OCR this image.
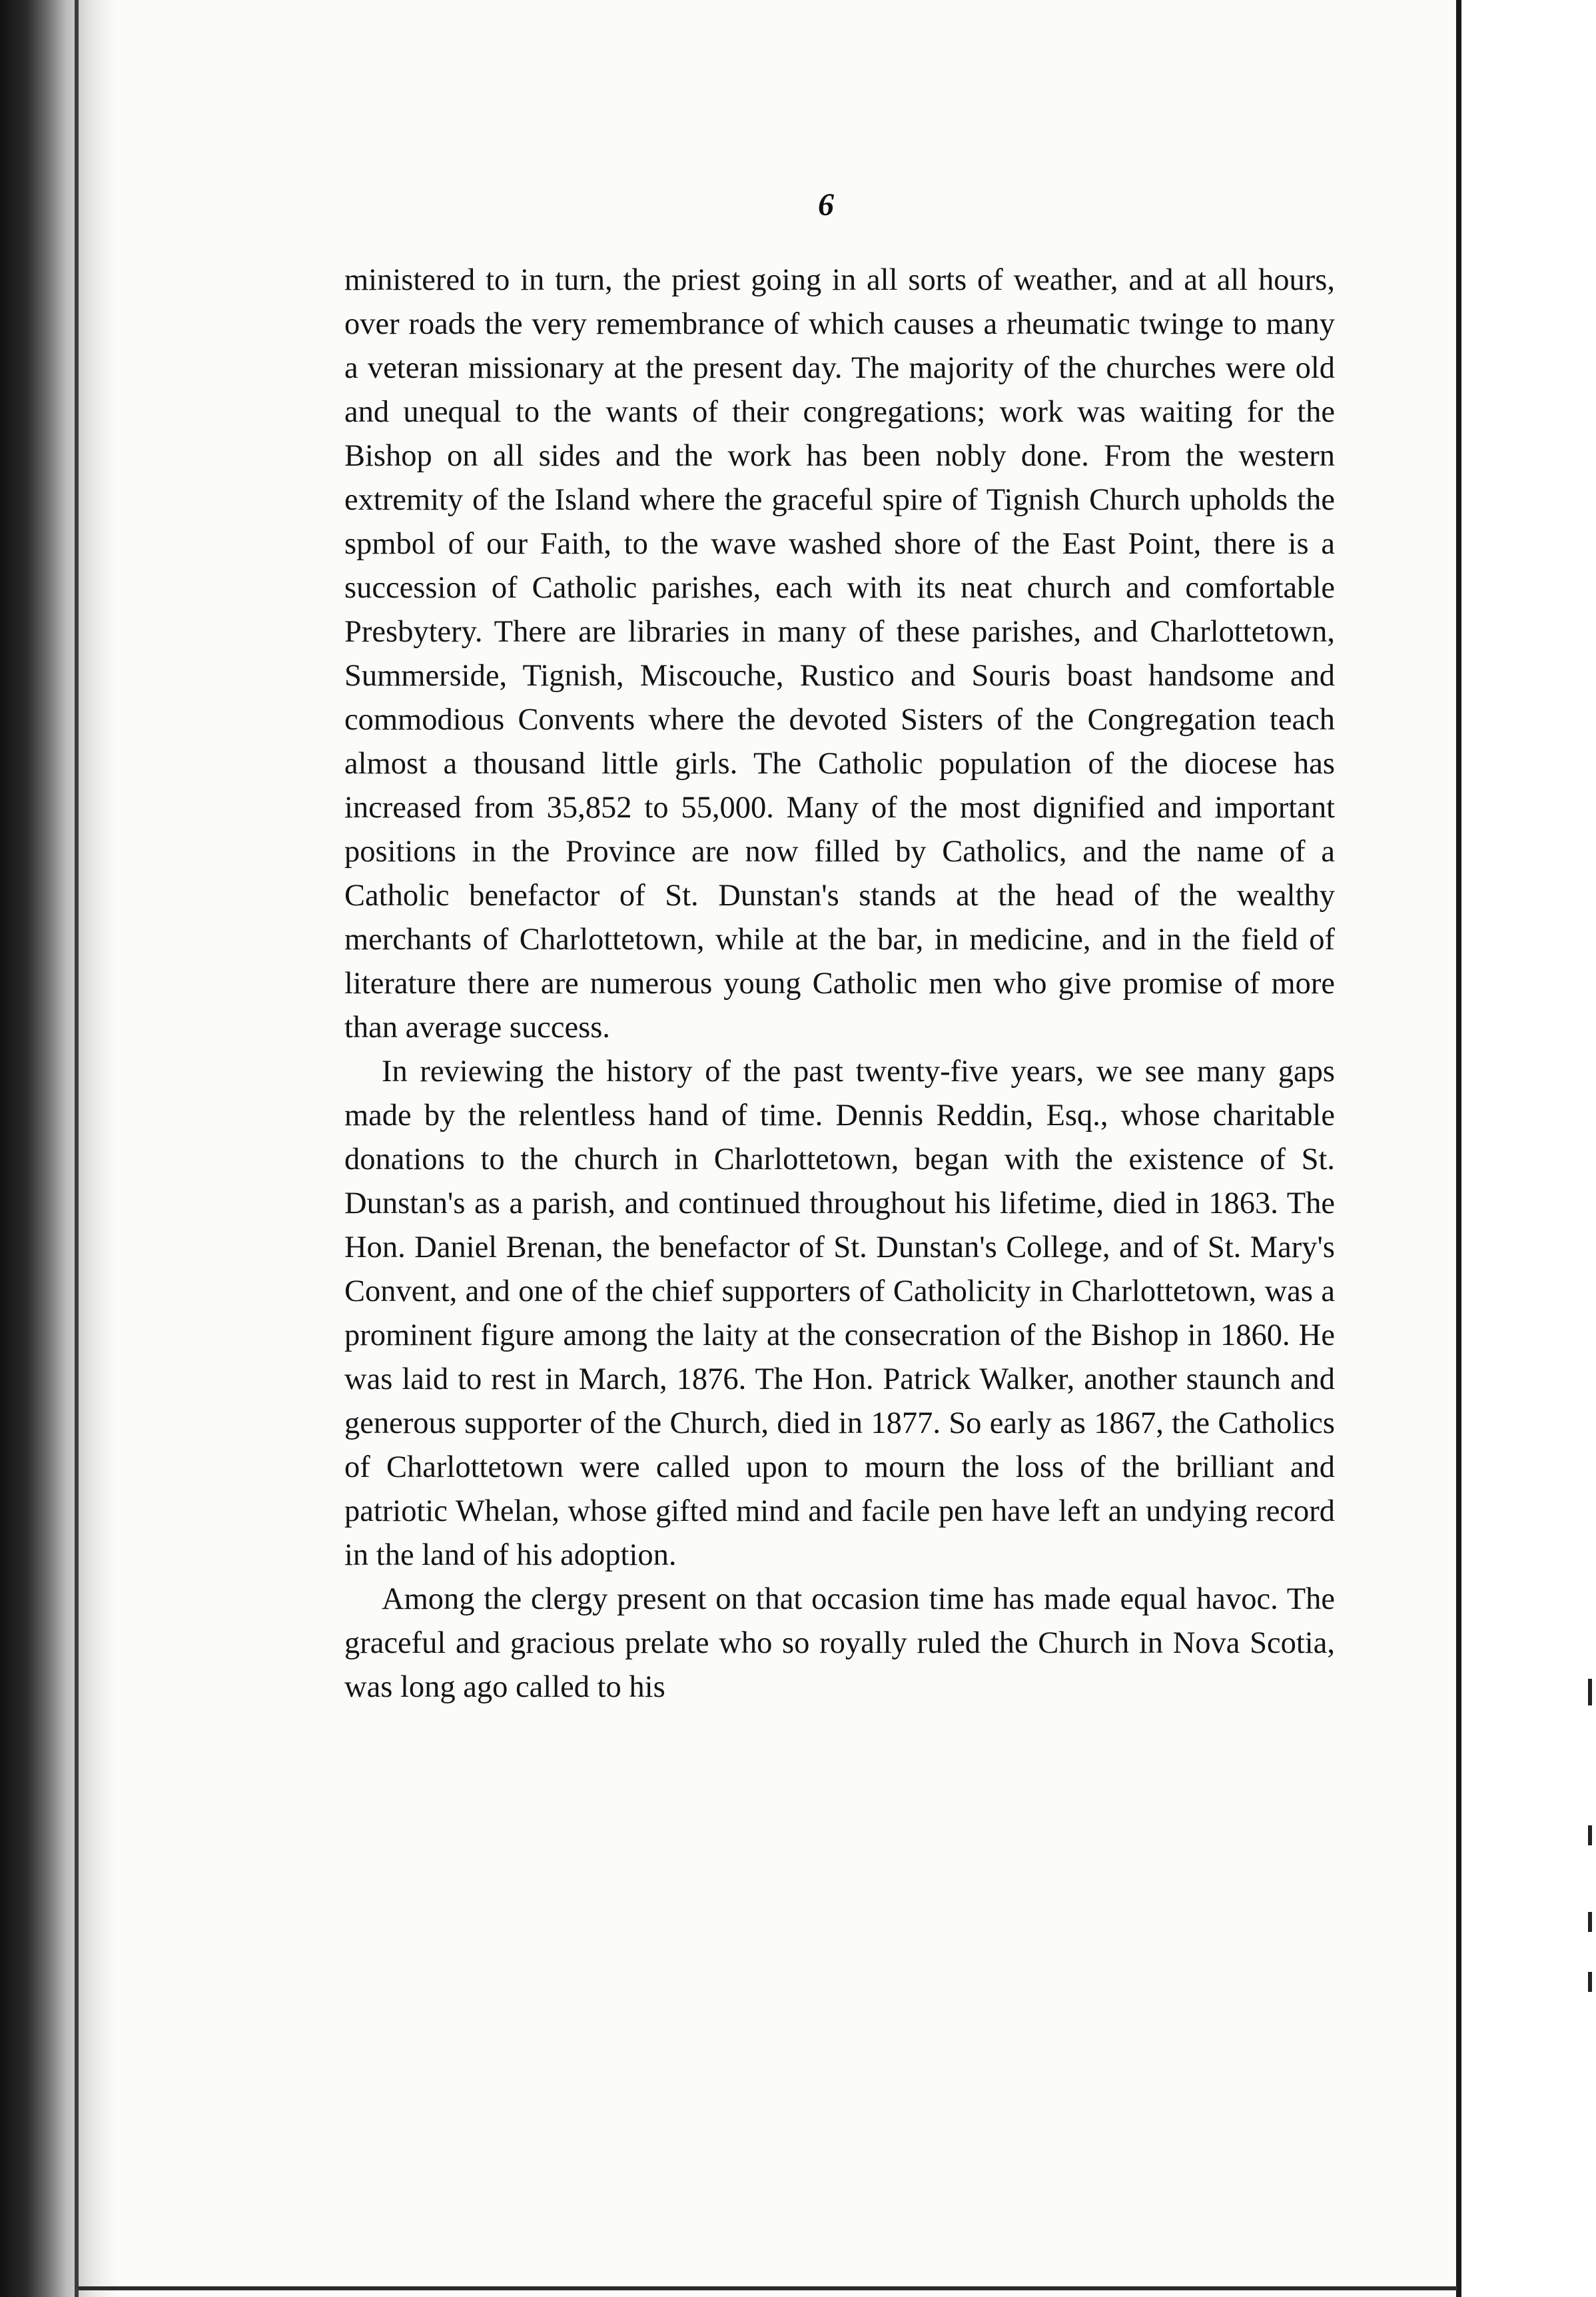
6

ministered to in turn, the priest going in all sorts of weather, and at all hours, over roads the very remembrance of which causes a rheumatic twinge to many a veteran missionary at the present day. The majority of the churches were old and unequal to the wants of their congregations; work was waiting for the Bishop on all sides and the work has been nobly done. From the western extremity of the Island where the graceful spire of Tignish Church upholds the spmbol of our Faith, to the wave washed shore of the East Point, there is a succession of Catholic parishes, each with its neat church and comfortable Presbytery. There are libraries in many of these parishes, and Charlottetown, Summerside, Tignish, Miscouche, Rustico and Souris boast handsome and commodious Convents where the devoted Sisters of the Congregation teach almost a thousand little girls. The Catholic population of the diocese has increased from 35,852 to 55,000. Many of the most dignified and important positions in the Province are now filled by Catholics, and the name of a Catholic benefactor of St. Dunstan's stands at the head of the wealthy merchants of Charlottetown, while at the bar, in medicine, and in the field of literature there are numerous young Catholic men who give promise of more than average success.

In reviewing the history of the past twenty-five years, we see many gaps made by the relentless hand of time. Dennis Reddin, Esq., whose charitable donations to the church in Charlottetown, began with the existence of St. Dunstan's as a parish, and continued throughout his lifetime, died in 1863. The Hon. Daniel Brenan, the benefactor of St. Dunstan's College, and of St. Mary's Convent, and one of the chief supporters of Catholicity in Charlottetown, was a prominent figure among the laity at the consecration of the Bishop in 1860. He was laid to rest in March, 1876. The Hon. Patrick Walker, another staunch and generous supporter of the Church, died in 1877. So early as 1867, the Catholics of Charlottetown were called upon to mourn the loss of the brilliant and patriotic Whelan, whose gifted mind and facile pen have left an undying record in the land of his adoption.

Among the clergy present on that occasion time has made equal havoc. The graceful and gracious prelate who so royally ruled the Church in Nova Scotia, was long ago called to his
